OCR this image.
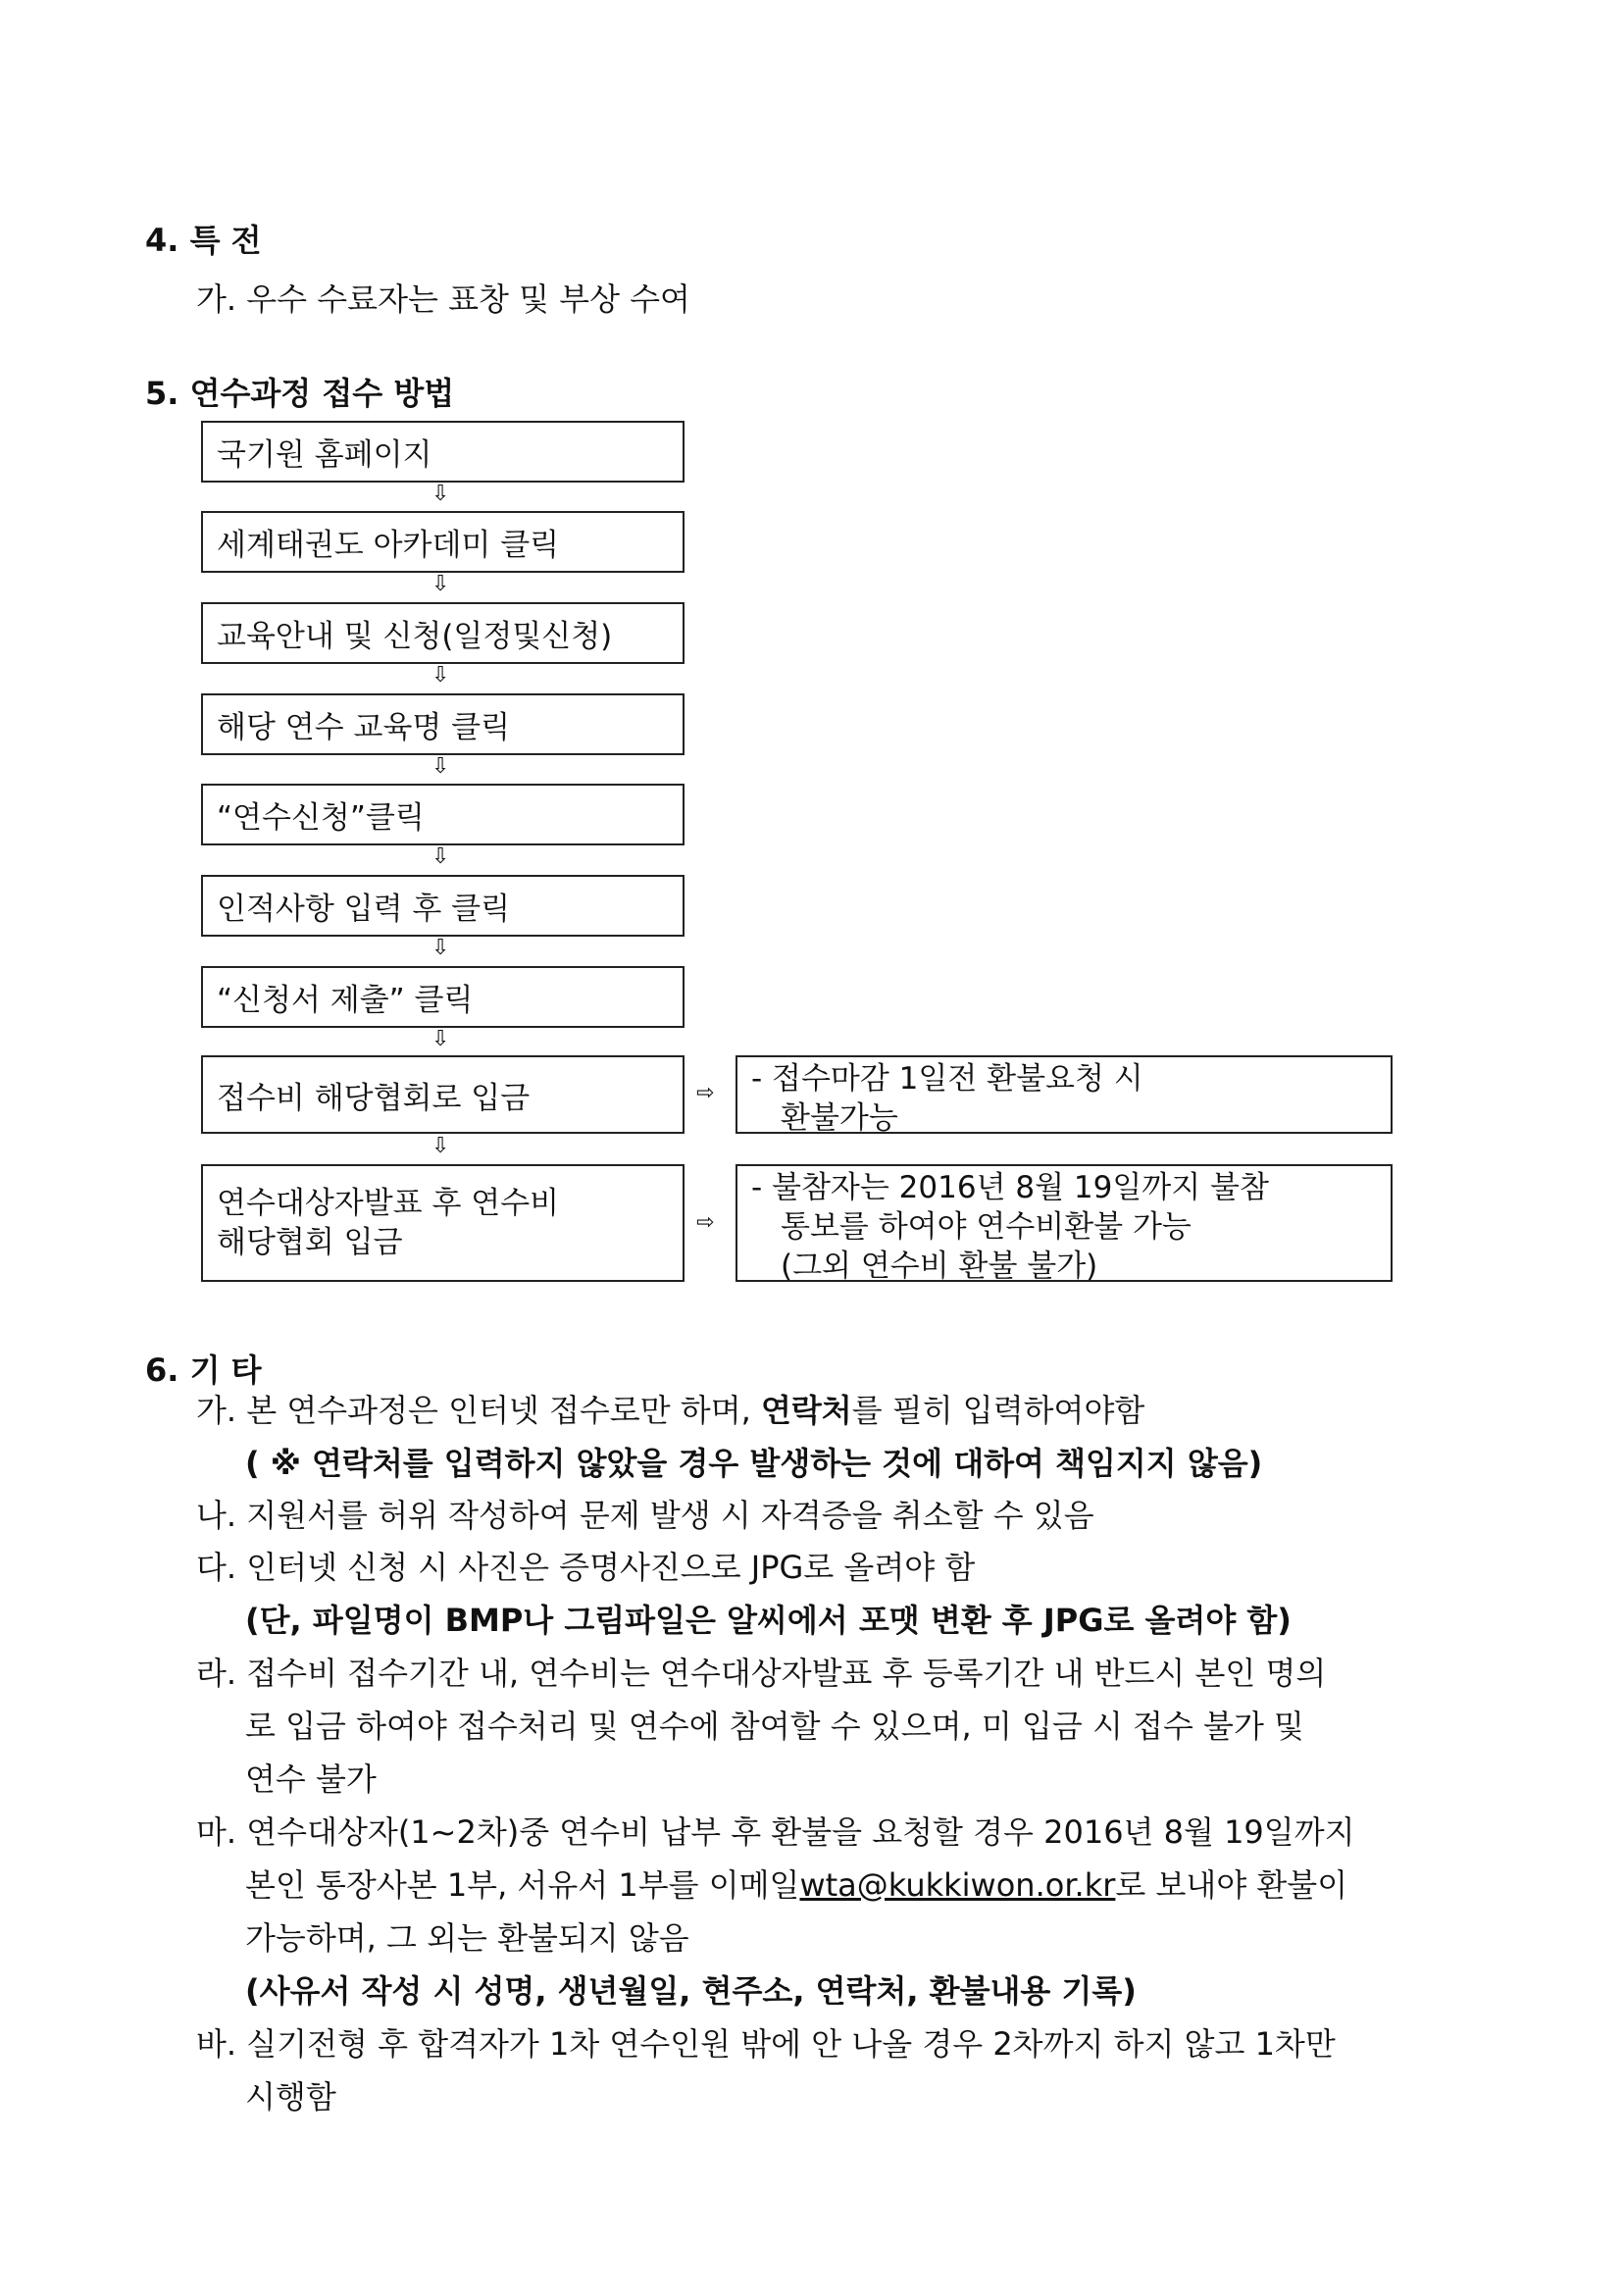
4. 특 전
가. 우수 수료자는 표창 및 부상 수여
5. 연수과정 접수 방법
국기원 홈페이지
⇩
세계태권도 아카데미 클릭
⇩
교육안내 및 신청(일정및신청)
⇩
해당 연수 교육명 클릭
⇩
“연수신청”클릭
⇩
인적사항 입력 후 클릭
⇩
“신청서 제출” 클릭
⇩
접수비 해당협회로 입금	⇨ - 접수마감 1일전 환불요청 시
환불가능
⇩
연수대상자발표 후 연수비
해당협회 입금
⇨
- 불참자는 2016년 8월 19일까지 불참
통보를 하여야 연수비환불 가능
(그외 연수비 환불 불가)
6. 기 타
가. 본 연수과정은 인터넷 접수로만 하며, 연락처를 필히 입력하여야함
( ※ 연락처를 입력하지 않았을 경우 발생하는 것에 대하여 책임지지 않음)
나. 지원서를 허위 작성하여 문제 발생 시 자격증을 취소할 수 있음
다. 인터넷 신청 시 사진은 증명사진으로 JPG로 올려야 함
(단, 파일명이 BMP나 그림파일은 알씨에서 포맷 변환 후 JPG로 올려야 함)
라. 접수비 접수기간 내, 연수비는 연수대상자발표 후 등록기간 내 반드시 본인 명의
로 입금 하여야 접수처리 및 연수에 참여할 수 있으며, 미 입금 시 접수 불가 및
연수 불가
마. 연수대상자(1~2차)중 연수비 납부 후 환불을 요청할 경우 2016년 8월 19일까지
본인 통장사본 1부, 서유서 1부를 이메일wta@kukkiwon.or.kr로 보내야 환불이
가능하며, 그 외는 환불되지 않음
(사유서 작성 시 성명, 생년월일, 현주소, 연락처, 환불내용 기록)
바. 실기전형 후 합격자가 1차 연수인원 밖에 안 나올 경우 2차까지 하지 않고 1차만
시행함
